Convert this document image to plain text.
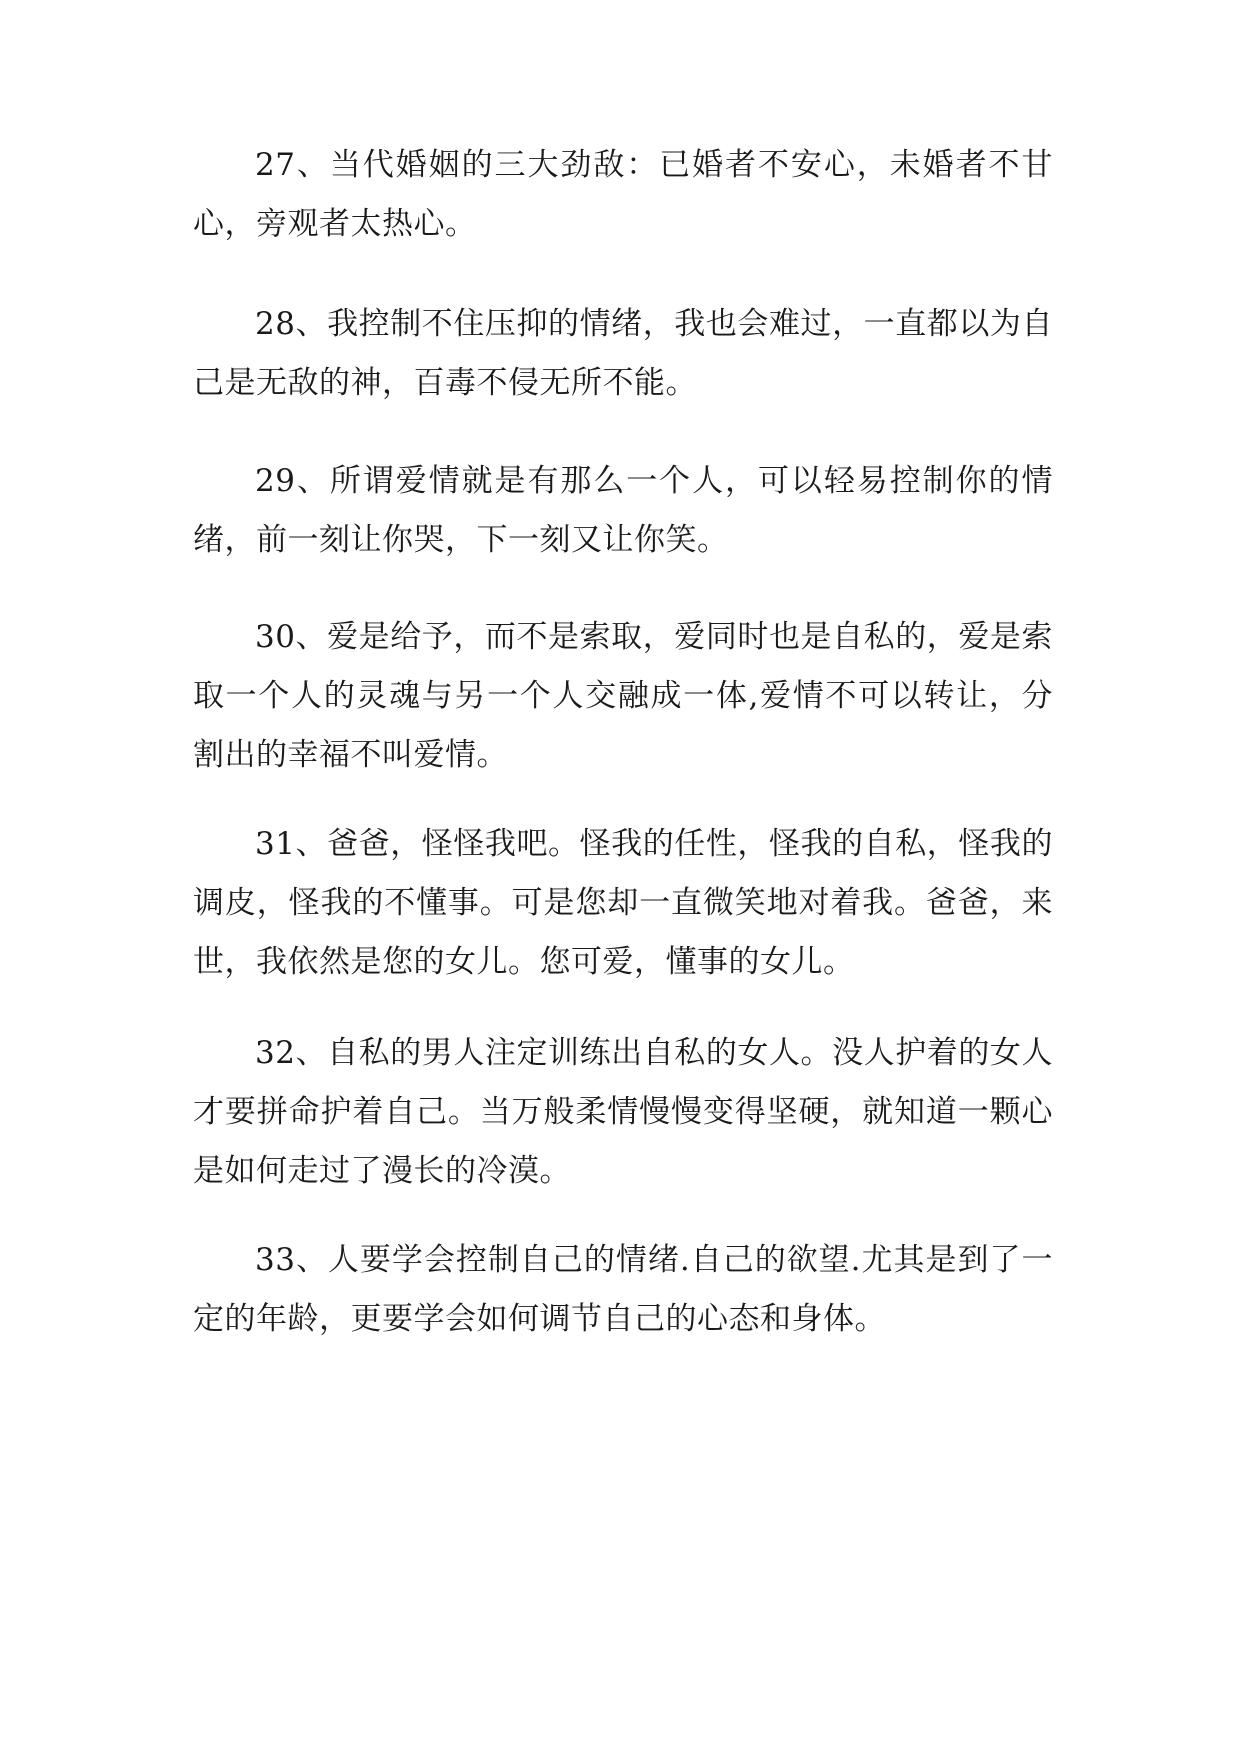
27、当代婚姻的三大劲敌：已婚者不安心，未婚者不甘心，旁观者太热心。

28、我控制不住压抑的情绪，我也会难过，一直都以为自己是无敌的神，百毒不侵无所不能。

29、所谓爱情就是有那么一个人，可以轻易控制你的情绪，前一刻让你哭，下一刻又让你笑。

30、爱是给予，而不是索取，爱同时也是自私的，爱是索取一个人的灵魂与另一个人交融成一体,爱情不可以转让，分割出的幸福不叫爱情。

31、爸爸，怪怪我吧。怪我的任性，怪我的自私，怪我的调皮，怪我的不懂事。可是您却一直微笑地对着我。爸爸，来世，我依然是您的女儿。您可爱，懂事的女儿。

32、自私的男人注定训练出自私的女人。没人护着的女人才要拼命护着自己。当万般柔情慢慢变得坚硬，就知道一颗心是如何走过了漫长的冷漠。

33、人要学会控制自己的情绪.自己的欲望.尤其是到了一定的年龄，更要学会如何调节自己的心态和身体。
